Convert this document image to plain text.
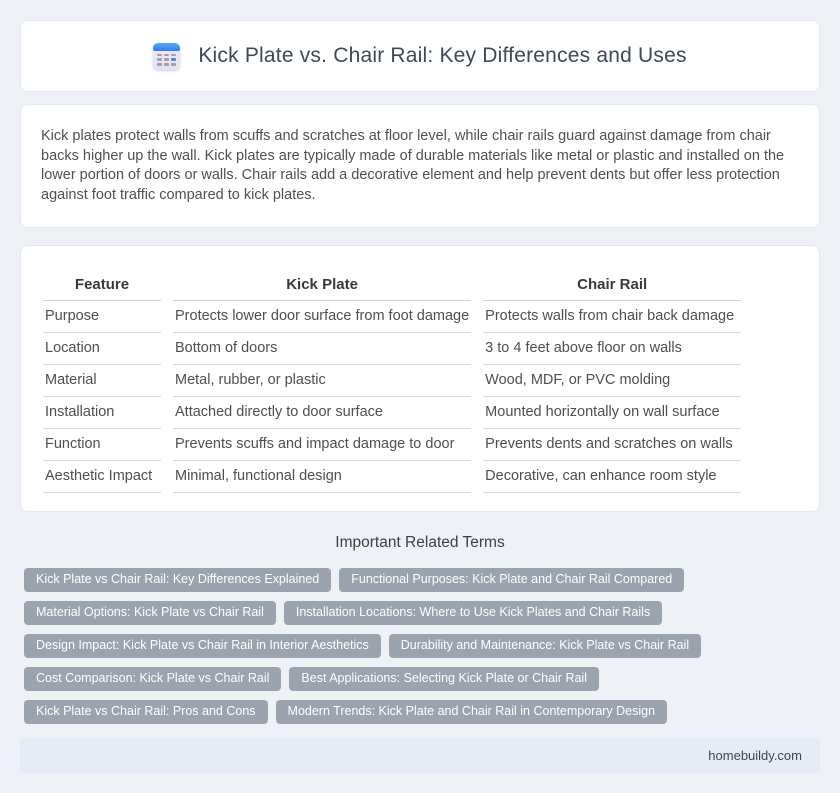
Kick Plate vs. Chair Rail: Key Differences and Uses

Kick plates protect walls from scuffs and scratches at floor level, while chair rails guard against damage from chair backs higher up the wall. Kick plates are typically made of durable materials like metal or plastic and installed on the lower portion of doors or walls. Chair rails add a decorative element and help prevent dents but offer less protection against foot traffic compared to kick plates.

Feature	Kick Plate	Chair Rail
Purpose	Protects lower door surface from foot damage	Protects walls from chair back damage
Location	Bottom of doors	3 to 4 feet above floor on walls
Material	Metal, rubber, or plastic	Wood, MDF, or PVC molding
Installation	Attached directly to door surface	Mounted horizontally on wall surface
Function	Prevents scuffs and impact damage to door	Prevents dents and scratches on walls
Aesthetic Impact	Minimal, functional design	Decorative, can enhance room style
Important Related Terms
Kick Plate vs Chair Rail: Key Differences Explained	Functional Purposes: Kick Plate and Chair Rail Compared
Material Options: Kick Plate vs Chair Rail	Installation Locations: Where to Use Kick Plates and Chair Rails
Design Impact: Kick Plate vs Chair Rail in Interior Aesthetics	Durability and Maintenance: Kick Plate vs Chair Rail
Cost Comparison: Kick Plate vs Chair Rail	Best Applications: Selecting Kick Plate or Chair Rail
Kick Plate vs Chair Rail: Pros and Cons	Modern Trends: Kick Plate and Chair Rail in Contemporary Design
homebuildy.com
